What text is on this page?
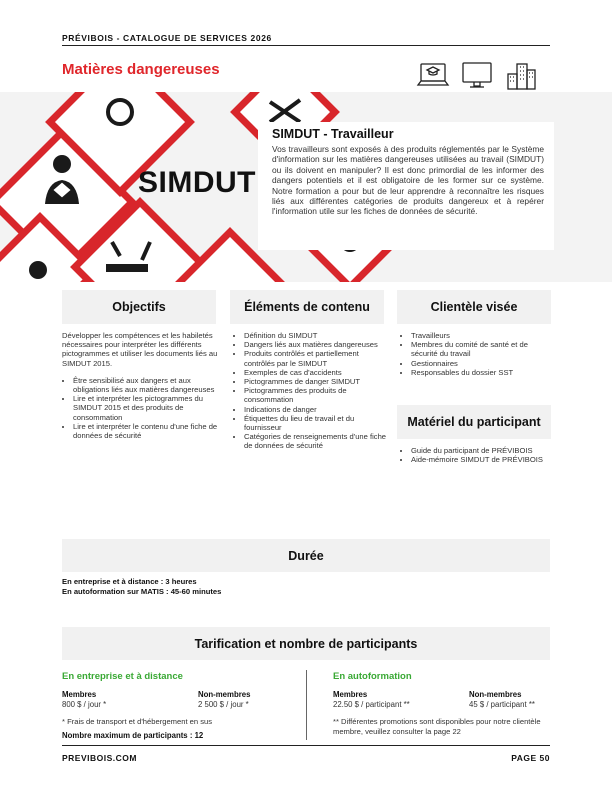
PRÉVIBOIS - CATALOGUE DE SERVICES 2026
Matières dangereuses
SIMDUT
SIMDUT - Travailleur

Vos travailleurs sont exposés à des produits réglementés par le Système d'information sur les matières dangereuses utilisées au travail (SIMDUT) ou ils doivent en manipuler? Il est donc primordial de les informer des dangers potentiels et il est obligatoire de les former sur ce système. Notre formation a pour but de leur apprendre à reconnaître les risques liés aux différentes catégories de produits dangereux et à repérer l'information utile sur les fiches de données de sécurité.

Objectifs

Développer les compétences et les habiletés nécessaires pour interpréter les différents pictogrammes et utiliser les documents liés au SIMDUT 2015.

• Être sensibilisé aux dangers et aux obligations liés aux matières dangereuses
• Lire et interpréter les pictogrammes du SIMDUT 2015 et des produits de consommation
• Lire et interpréter le contenu d'une fiche de données de sécurité
Éléments de contenu
• Définition du SIMDUT
• Dangers liés aux matières dangereuses
• Produits contrôlés et partiellement contrôlés par le SIMDUT
• Exemples de cas d'accidents
• Pictogrammes de danger SIMDUT
• Pictogrammes des produits de consommation
• Indications de danger
• Étiquettes du lieu de travail et du fournisseur
• Catégories de renseignements d'une fiche de données de sécurité
Clientèle visée
• Travailleurs
• Membres du comité de santé et de sécurité du travail
• Gestionnaires
• Responsables du dossier SST
Matériel du participant
• Guide du participant de PRÉVIBOIS
• Aide-mémoire SIMDUT de PRÉVIBOIS
Durée
En entreprise et à distance : 3 heures
En autoformation sur MATIS : 45-60 minutes
Tarification et nombre de participants
En entreprise et à distance
Membres
800 $ / jour *
Non-membres
2 500 $ / jour *
* Frais de transport et d'hébergement en sus
Nombre maximum de participants : 12
En autoformation
Membres
22.50 $ / participant **
Non-membres
45 $ / participant **
** Différentes promotions sont disponibles pour notre clientèle membre, veuillez consulter la page 22
PREVIBOIS.COM	PAGE 50
